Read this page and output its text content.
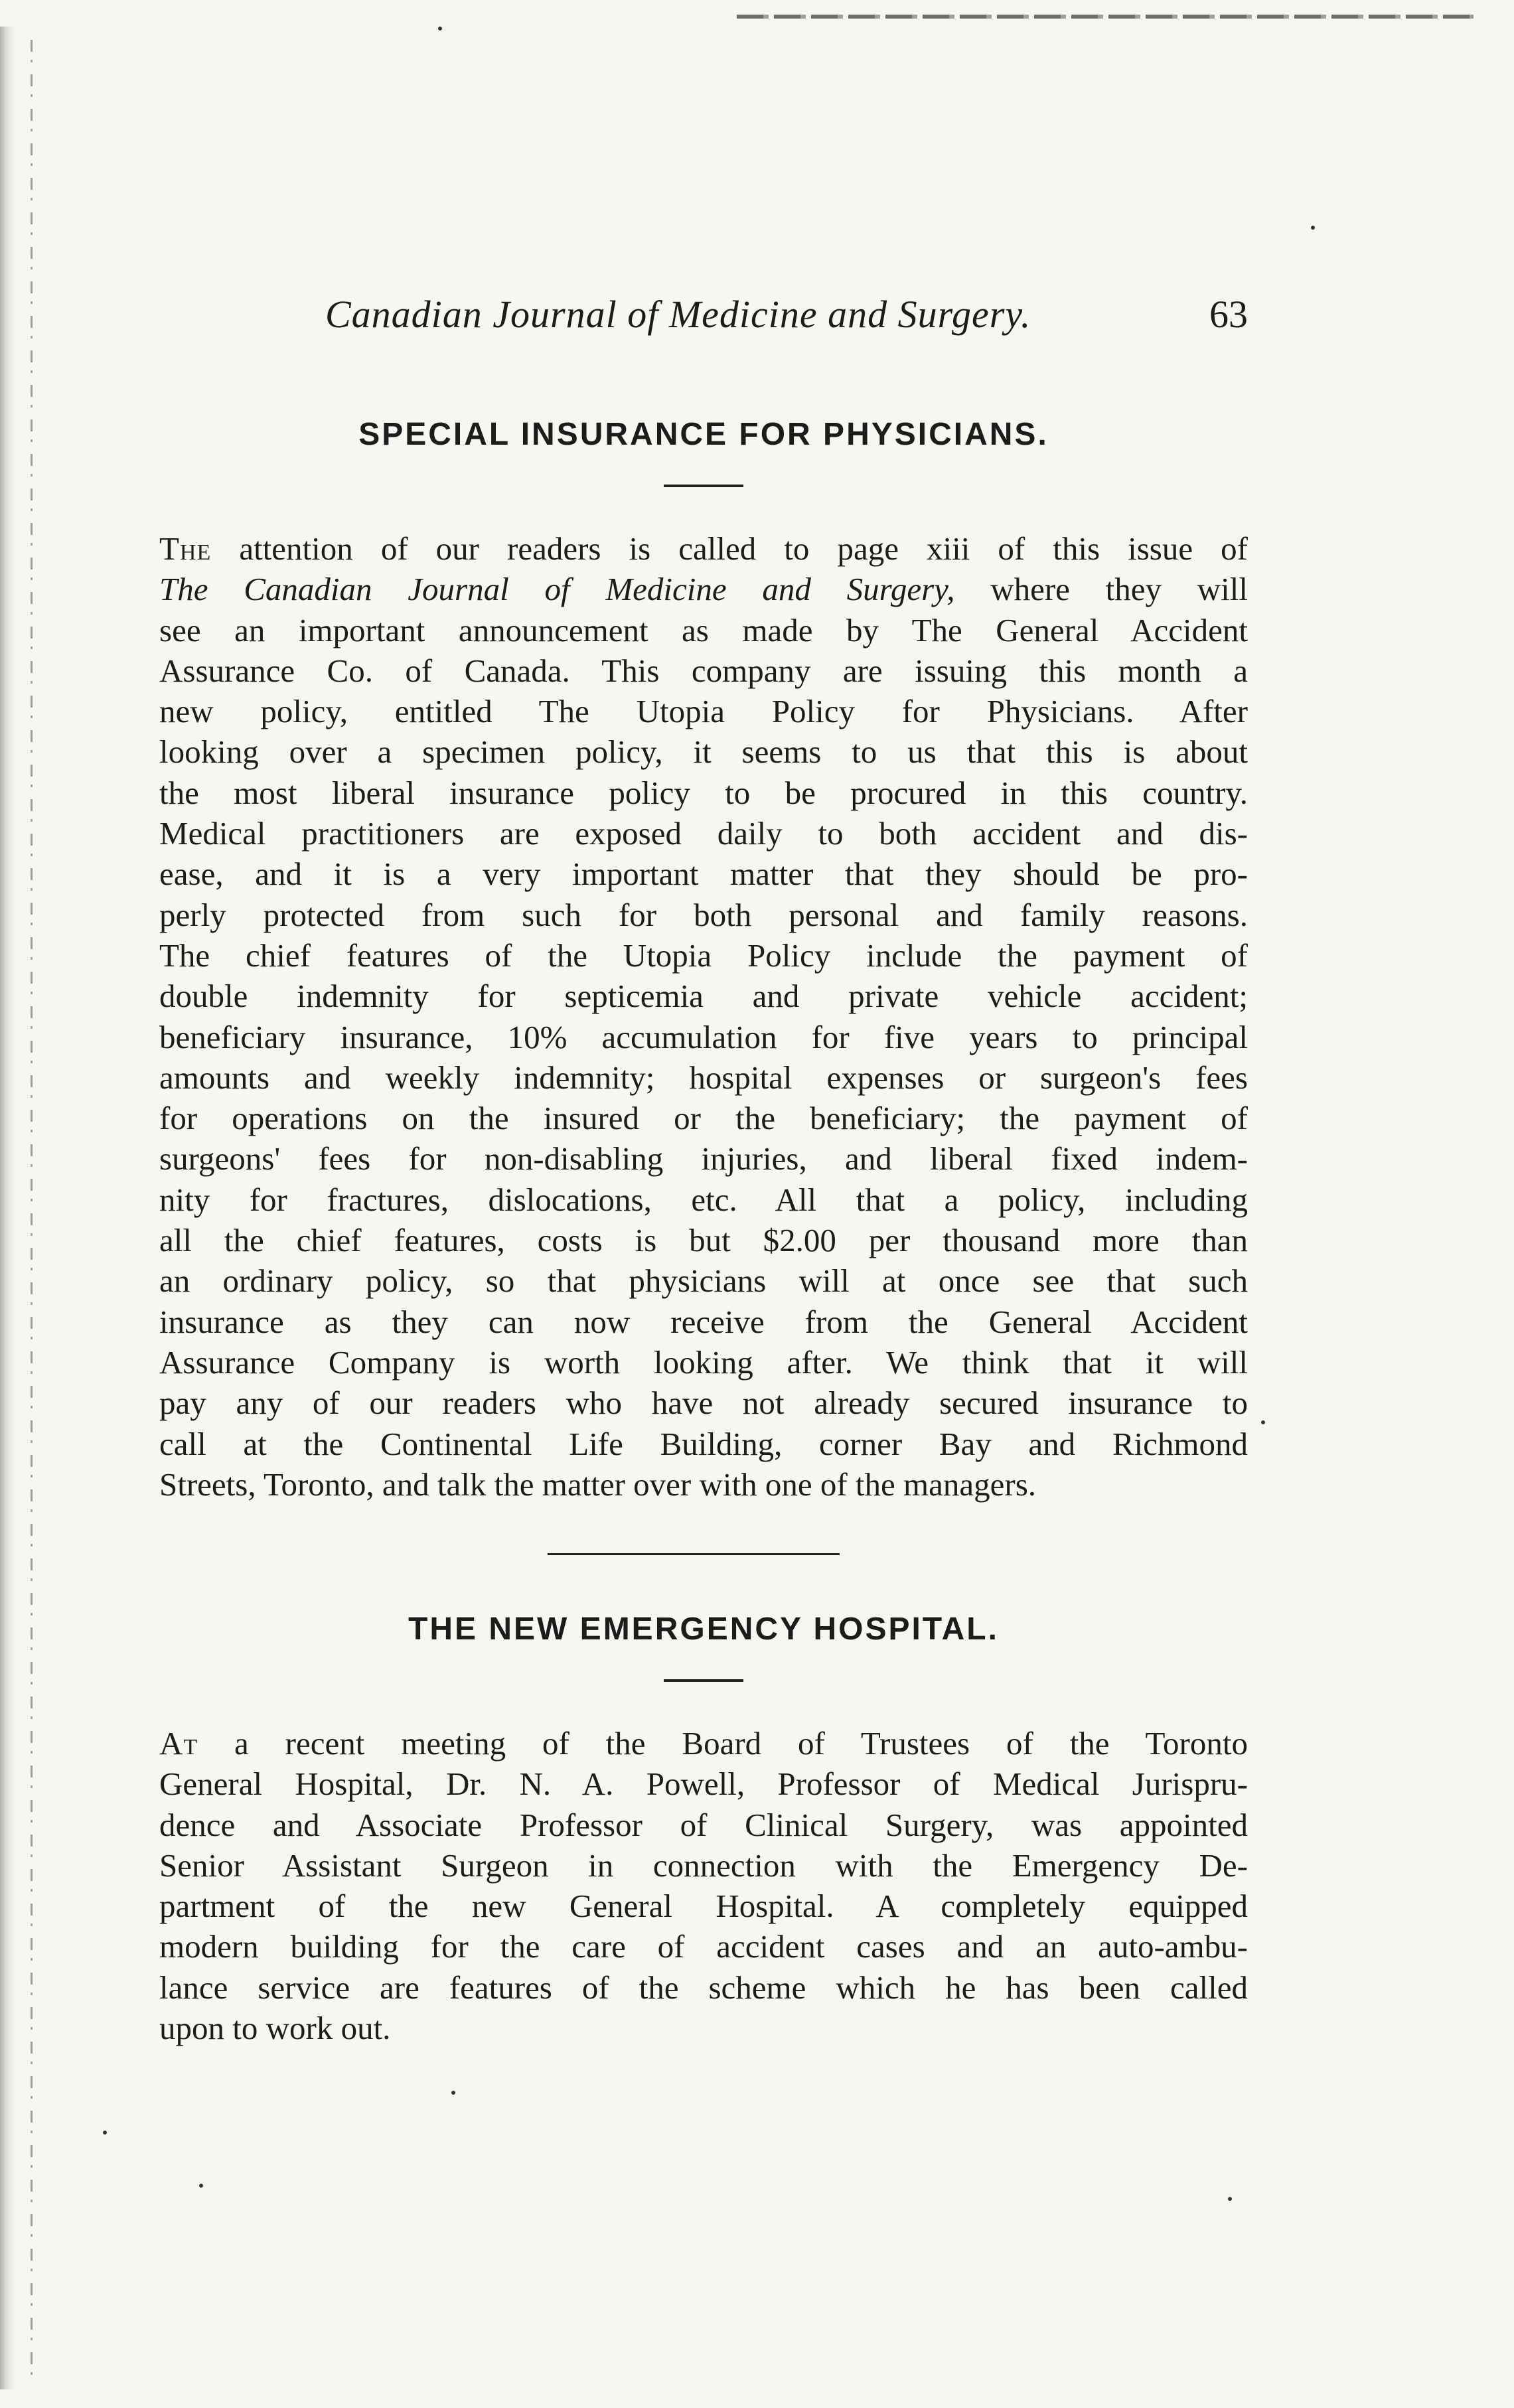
Canadian Journal of Medicine and Surgery.	63
SPECIAL INSURANCE FOR PHYSICIANS.
The attention of our readers is called to page xiii of this issue of
The Canadian Journal of Medicine and Surgery, where they will
see an important announcement as made by The General Accident
Assurance Co. of Canada. This company are issuing this month a
new policy, entitled The Utopia Policy for Physicians. After
looking over a specimen policy, it seems to us that this is about
the most liberal insurance policy to be procured in this country.
Medical practitioners are exposed daily to both accident and dis-
ease, and it is a very important matter that they should be pro-
perly protected from such for both personal and family reasons.
The chief features of the Utopia Policy include the payment of
double indemnity for septicemia and private vehicle accident;
beneficiary insurance, 10% accumulation for five years to principal
amounts and weekly indemnity; hospital expenses or surgeon's fees
for operations on the insured or the beneficiary; the payment of
surgeons' fees for non-disabling injuries, and liberal fixed indem-
nity for fractures, dislocations, etc. All that a policy, including
all the chief features, costs is but $2.00 per thousand more than
an ordinary policy, so that physicians will at once see that such
insurance as they can now receive from the General Accident
Assurance Company is worth looking after. We think that it will
pay any of our readers who have not already secured insurance to
call at the Continental Life Building, corner Bay and Richmond
Streets, Toronto, and talk the matter over with one of the managers.
THE NEW EMERGENCY HOSPITAL.
At a recent meeting of the Board of Trustees of the Toronto
General Hospital, Dr. N. A. Powell, Professor of Medical Jurispru-
dence and Associate Professor of Clinical Surgery, was appointed
Senior Assistant Surgeon in connection with the Emergency De-
partment of the new General Hospital. A completely equipped
modern building for the care of accident cases and an auto-ambu-
lance service are features of the scheme which he has been called
upon to work out.
